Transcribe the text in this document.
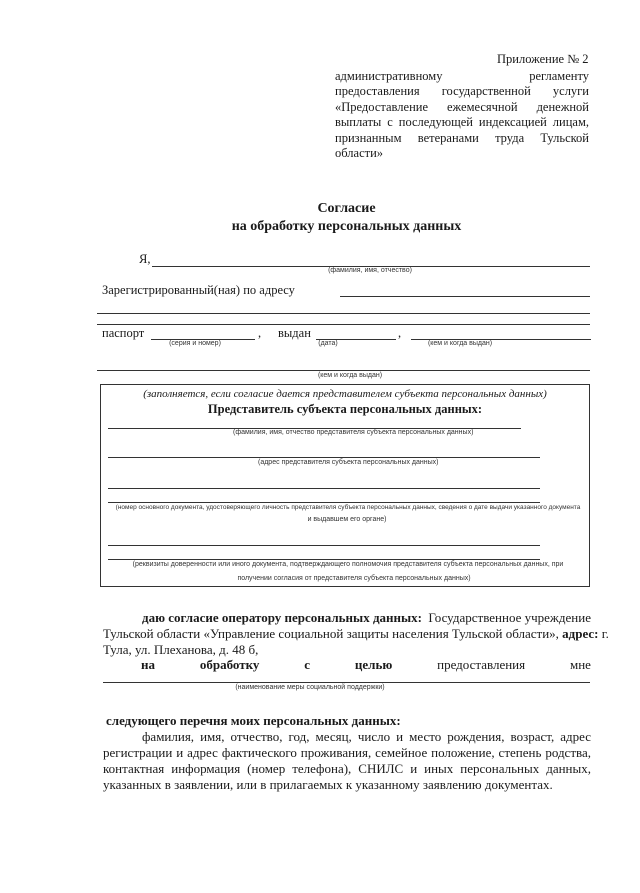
Приложение № 2
административному регламенту
предоставления государственной услуги
«Предоставление ежемесячной денежной
выплаты с последующей индексацией лицам,
признанным ветеранами труда Тульской
области»
Согласие
на обработку персональных данных
Я,
(фамилия, имя, отчество)
Зарегистрированный(ная) по адресу
паспорт	,
(серия и номер)
выдан	,
(дата)	(кем и когда выдан)
(кем и когда выдан)
(заполняется, если согласие дается представителем субъекта персональных данных)
Представитель субъекта персональных данных:
(фамилия, имя, отчество представителя субъекта персональных данных)
(адрес представителя субъекта персональных данных)
(номер основного документа, удостоверяющего личность представителя субъекта персональных данных, сведения о дате выдачи указанного документа
и выдавшем его органе)
(реквизиты доверенности или иного документа, подтверждающего полномочия представителя субъекта персональных данных, при
получении согласия от представителя субъекта персональных данных)
даю согласие оператору персональных данных: Государственное учреждение
Тульской области «Управление социальной защиты населения Тульской области», адрес: г.
Тула, ул. Плеханова, д. 48 б,
на	обработку	с	целью	предоставления	мне
(наименование меры социальной поддержки)
следующего перечня моих персональных данных:
фамилия, имя, отчество, год, месяц, число и место рождения, возраст, адрес
регистрации и адрес фактического проживания, семейное положение, степень родства,
контактная информация (номер телефона), СНИЛС и иных персональных данных,
указанных в заявлении, или в прилагаемых к указанному заявлению документах.
